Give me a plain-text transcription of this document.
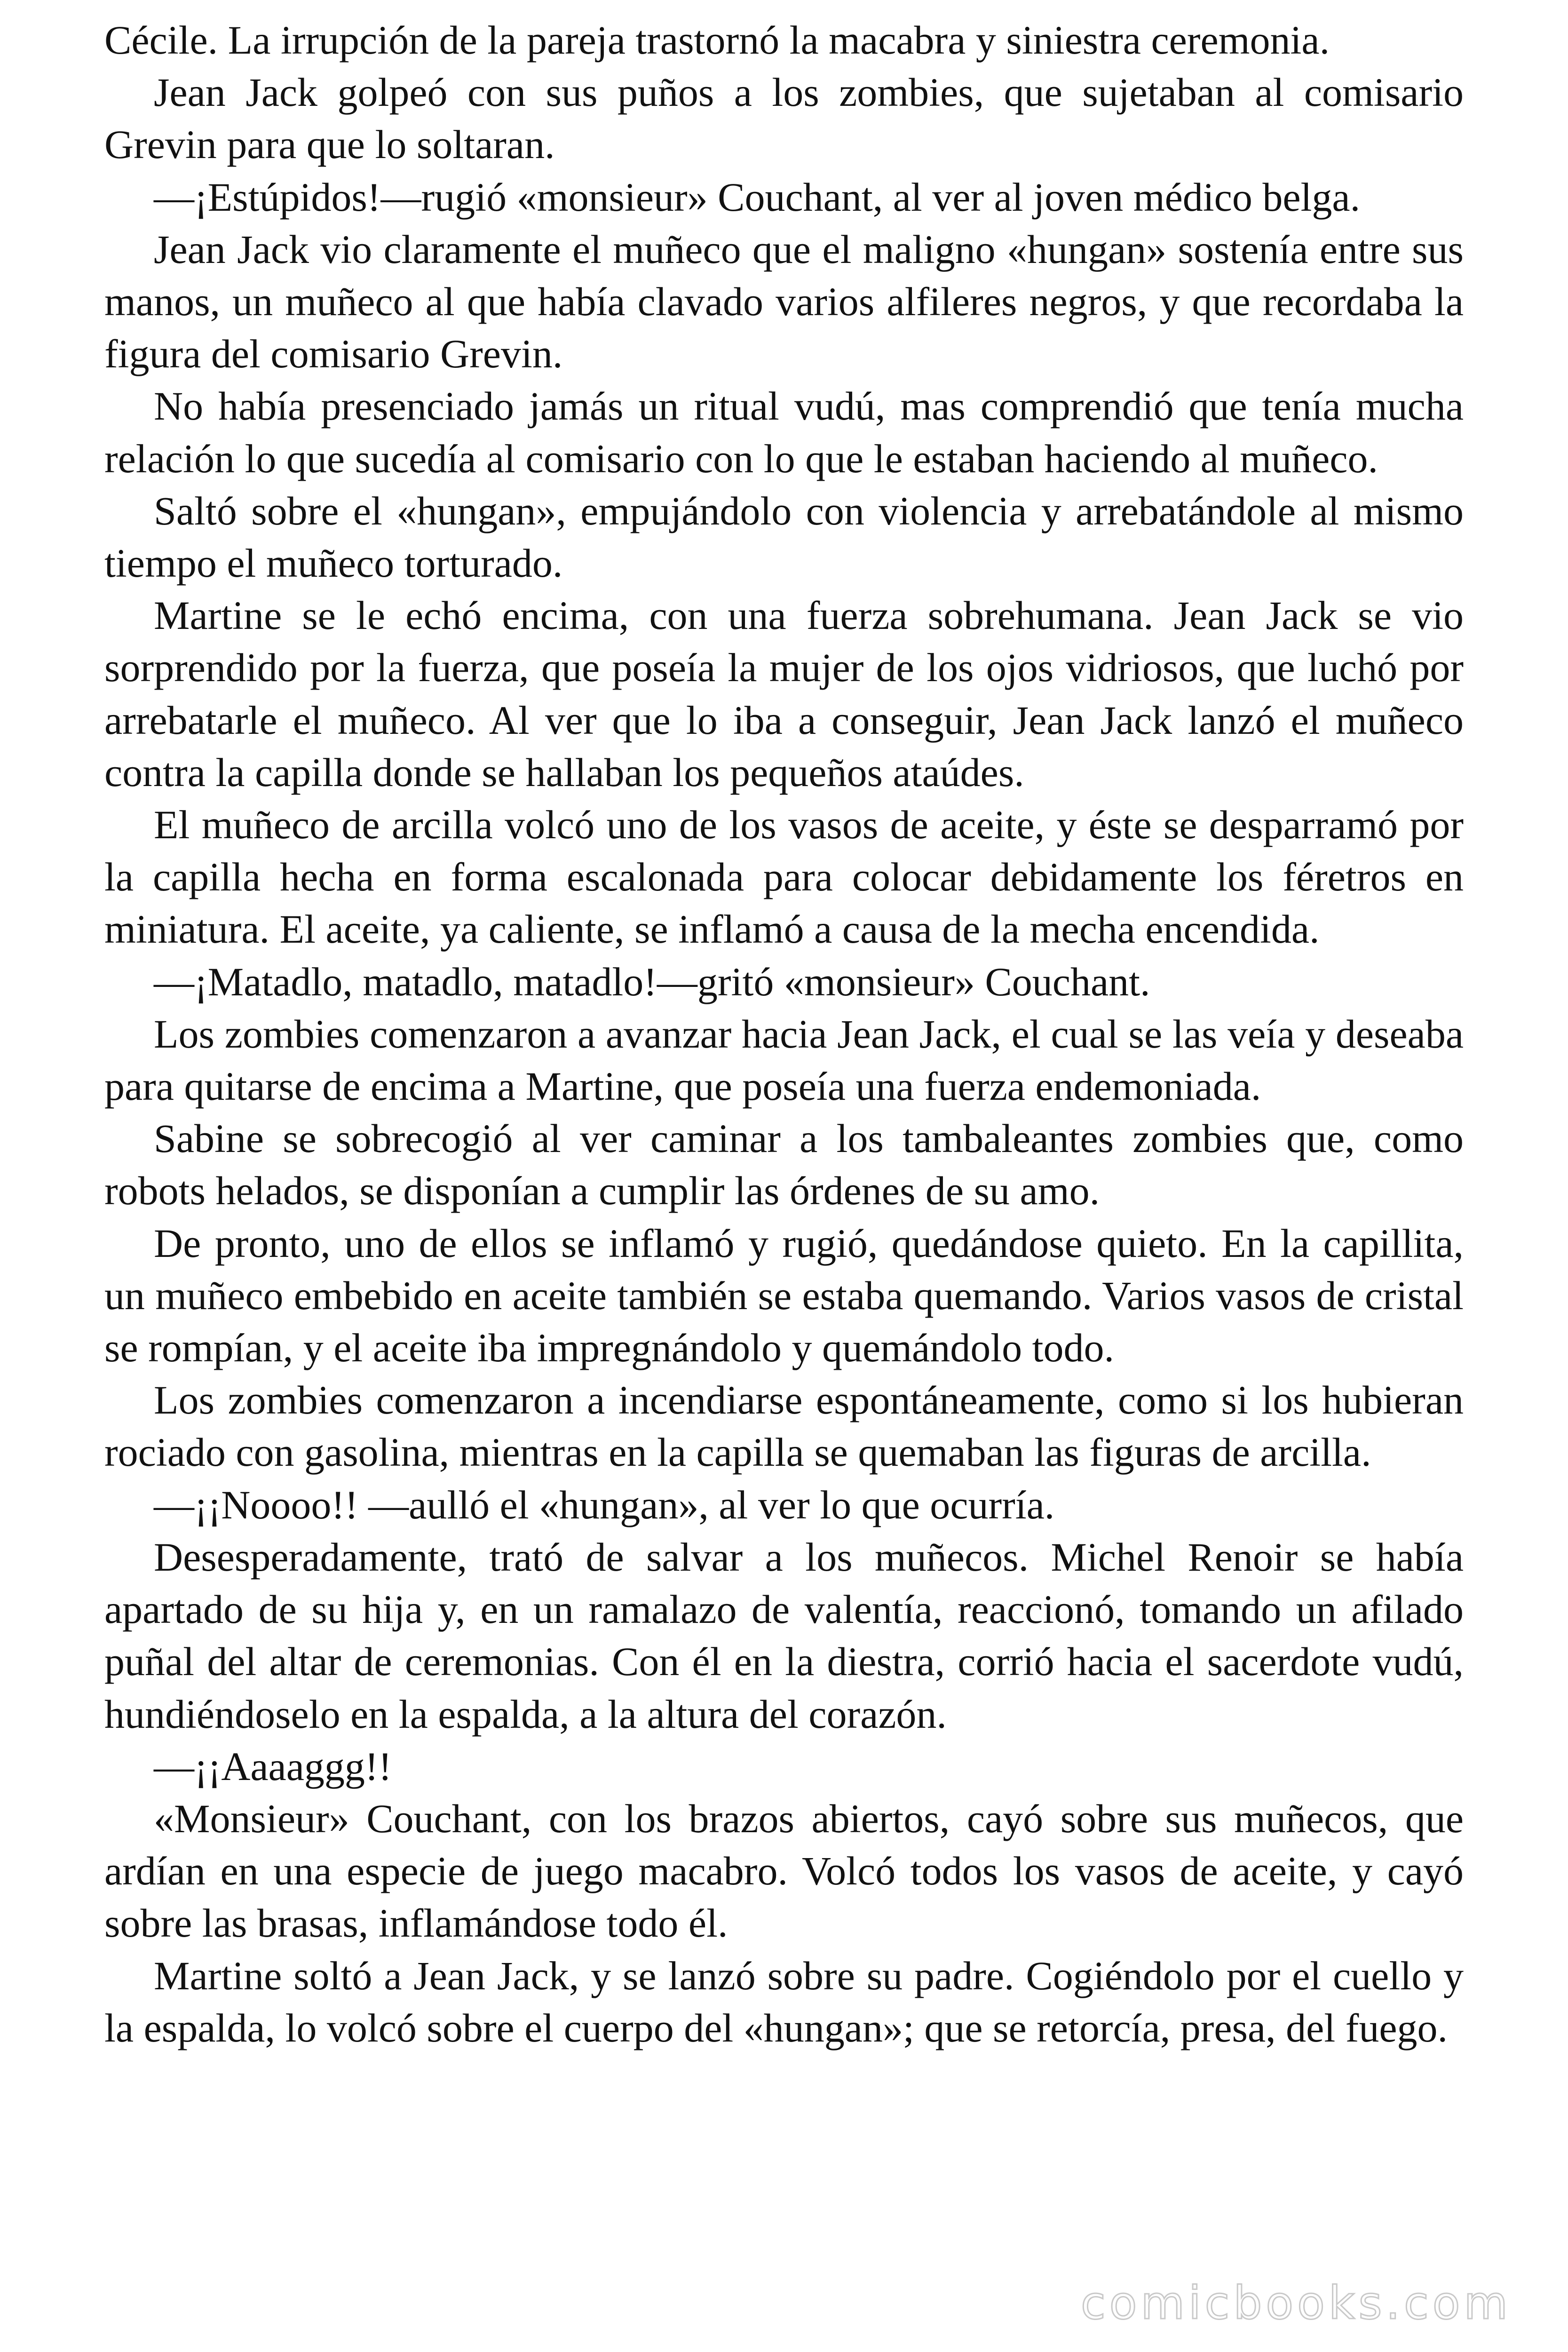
Cécile. La irrupción de la pareja trastornó la macabra y siniestra ceremonia.

Jean Jack golpeó con sus puños a los zombies, que sujetaban al comisario Grevin para que lo soltaran.

—¡Estúpidos!—rugió «monsieur» Couchant, al ver al joven médico belga.

Jean Jack vio claramente el muñeco que el maligno «hungan» sostenía entre sus manos, un muñeco al que había clavado varios alfileres negros, y que recordaba la figura del comisario Grevin.

No había presenciado jamás un ritual vudú, mas comprendió que tenía mucha relación lo que sucedía al comisario con lo que le estaban haciendo al muñeco.

Saltó sobre el «hungan», empujándolo con violencia y arrebatándole al mismo tiempo el muñeco torturado.

Martine se le echó encima, con una fuerza sobrehumana. Jean Jack se vio sorprendido por la fuerza, que poseía la mujer de los ojos vidriosos, que luchó por arrebatarle el muñeco. Al ver que lo iba a conseguir, Jean Jack lanzó el muñeco contra la capilla donde se hallaban los pequeños ataúdes.

El muñeco de arcilla volcó uno de los vasos de aceite, y éste se desparramó por la capilla hecha en forma escalonada para colocar debidamente los féretros en miniatura. El aceite, ya caliente, se inflamó a causa de la mecha encendida.

—¡Matadlo, matadlo, matadlo!—gritó «monsieur» Couchant.

Los zombies comenzaron a avanzar hacia Jean Jack, el cual se las veía y deseaba para quitarse de encima a Martine, que poseía una fuerza endemoniada.

Sabine se sobrecogió al ver caminar a los tambaleantes zombies que, como robots helados, se disponían a cumplir las órdenes de su amo.

De pronto, uno de ellos se inflamó y rugió, quedándose quieto. En la capillita, un muñeco embebido en aceite también se estaba quemando. Varios vasos de cristal se rompían, y el aceite iba impregnándolo y quemándolo todo.

Los zombies comenzaron a incendiarse espontáneamente, como si los hubieran rociado con gasolina, mientras en la capilla se quemaban las figuras de arcilla.

—¡¡Noooo!! —aulló el «hungan», al ver lo que ocurría.

Desesperadamente, trató de salvar a los muñecos. Michel Renoir se había apartado de su hija y, en un ramalazo de valentía, reaccionó, tomando un afilado puñal del altar de ceremonias. Con él en la diestra, corrió hacia el sacerdote vudú, hundiéndoselo en la espalda, a la altura del corazón.

—¡¡Aaaaggg!!

«Monsieur» Couchant, con los brazos abiertos, cayó sobre sus muñecos, que ardían en una especie de juego macabro. Volcó todos los vasos de aceite, y cayó sobre las brasas, inflamándose todo él.

Martine soltó a Jean Jack, y se lanzó sobre su padre. Cogiéndolo por el cuello y la espalda, lo volcó sobre el cuerpo del «hungan»; que se retorcía, presa, del fuego.

comicbooks.com
